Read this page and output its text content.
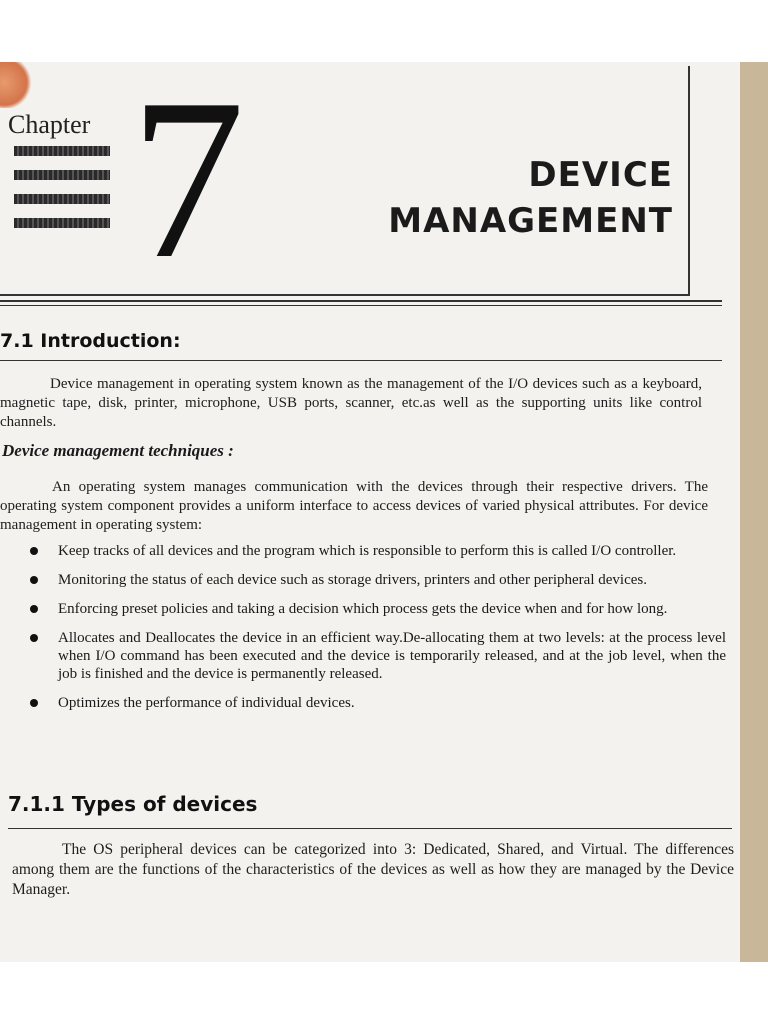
Chapter 7	DEVICE
MANAGEMENT
7.1 Introduction:
Device management in operating system known as the management of the I/O devices such as a keyboard, magnetic tape, disk, printer, microphone, USB ports, scanner, etc.as well as the supporting units like control channels.
Device management techniques :
An operating system manages communication with the devices through their respective drivers. The operating system component provides a uniform interface to access devices of varied physical attributes. For device management in operating system:
Keep tracks of all devices and the program which is responsible to perform this is called I/O controller.
Monitoring the status of each device such as storage drivers, printers and other peripheral devices.
Enforcing preset policies and taking a decision which process gets the device when and for how long.
Allocates and Deallocates the device in an efficient way.De-allocating them at two levels: at the process level when I/O command has been executed and the device is temporarily released, and at the job level, when the job is finished and the device is permanently released.
Optimizes the performance of individual devices.
7.1.1 Types of devices
The OS peripheral devices can be categorized into 3: Dedicated, Shared, and Virtual. The differences among them are the functions of the characteristics of the devices as well as how they are managed by the Device Manager.
